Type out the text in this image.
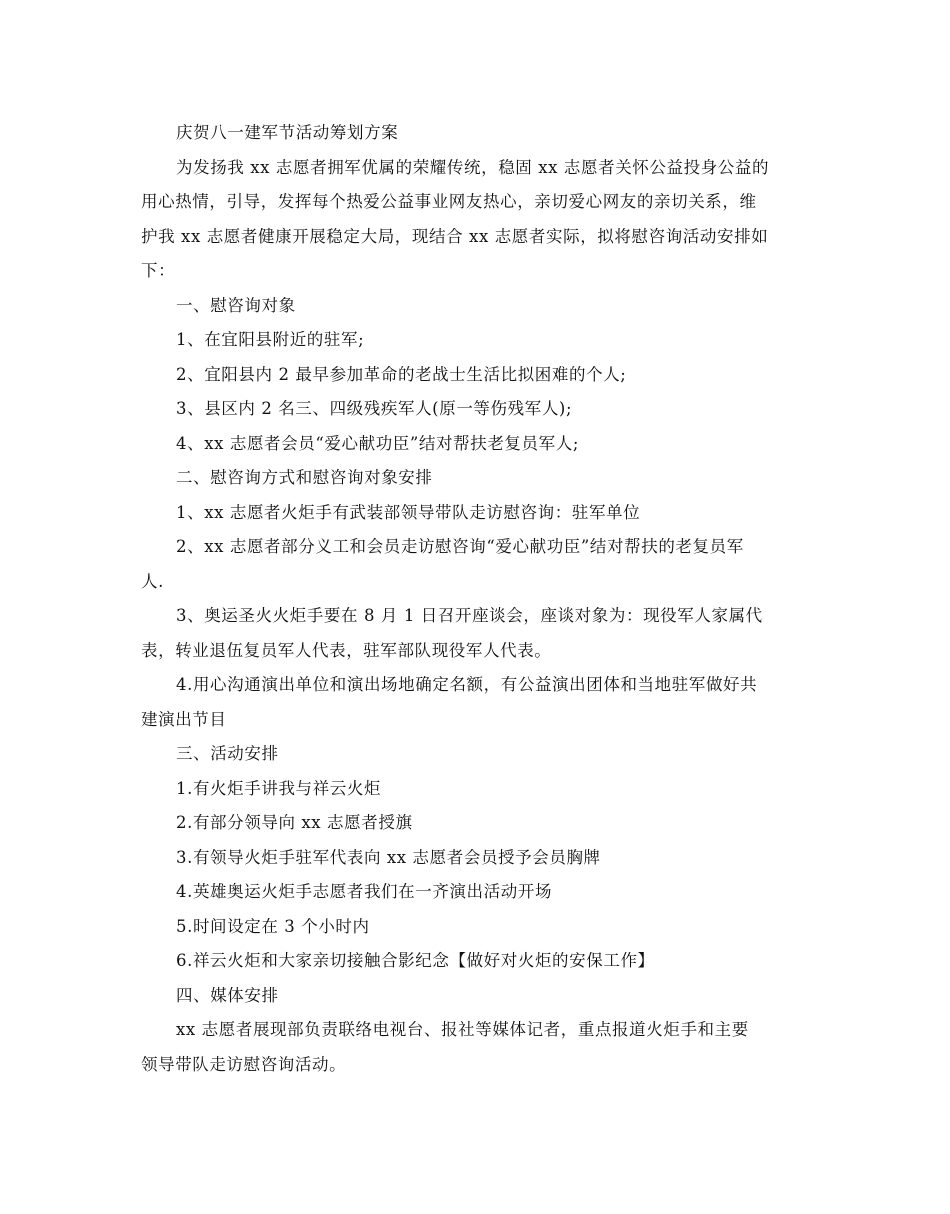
庆贺八一建军节活动筹划方案

为发扬我 xx 志愿者拥军优属的荣耀传统，稳固 xx 志愿者关怀公益投身公益的

用心热情，引导，发挥每个热爱公益事业网友热心，亲切爱心网友的亲切关系，维

护我 xx 志愿者健康开展稳定大局，现结合 xx 志愿者实际，拟将慰咨询活动安排如

下：

一、慰咨询对象

1、在宜阳县附近的驻军;

2、宜阳县内 2 最早参加革命的老战士生活比拟困难的个人;

3、县区内 2 名三、四级残疾军人(原一等伤残军人);

4、xx 志愿者会员“爱心献功臣”结对帮扶老复员军人;

二、慰咨询方式和慰咨询对象安排

1、xx 志愿者火炬手有武装部领导带队走访慰咨询：驻军单位

2、xx 志愿者部分义工和会员走访慰咨询“爱心献功臣”结对帮扶的老复员军

人.

3、奥运圣火火炬手要在 8 月 1 日召开座谈会，座谈对象为：现役军人家属代

表，转业退伍复员军人代表，驻军部队现役军人代表。

4.用心沟通演出单位和演出场地确定名额，有公益演出团体和当地驻军做好共

建演出节目

三、活动安排

1.有火炬手讲我与祥云火炬

2.有部分领导向 xx 志愿者授旗

3.有领导火炬手驻军代表向 xx 志愿者会员授予会员胸牌

4.英雄奥运火炬手志愿者我们在一齐演出活动开场

5.时间设定在 3 个小时内

6.祥云火炬和大家亲切接触合影纪念【做好对火炬的安保工作】

四、媒体安排

xx 志愿者展现部负责联络电视台、报社等媒体记者，重点报道火炬手和主要

领导带队走访慰咨询活动。
